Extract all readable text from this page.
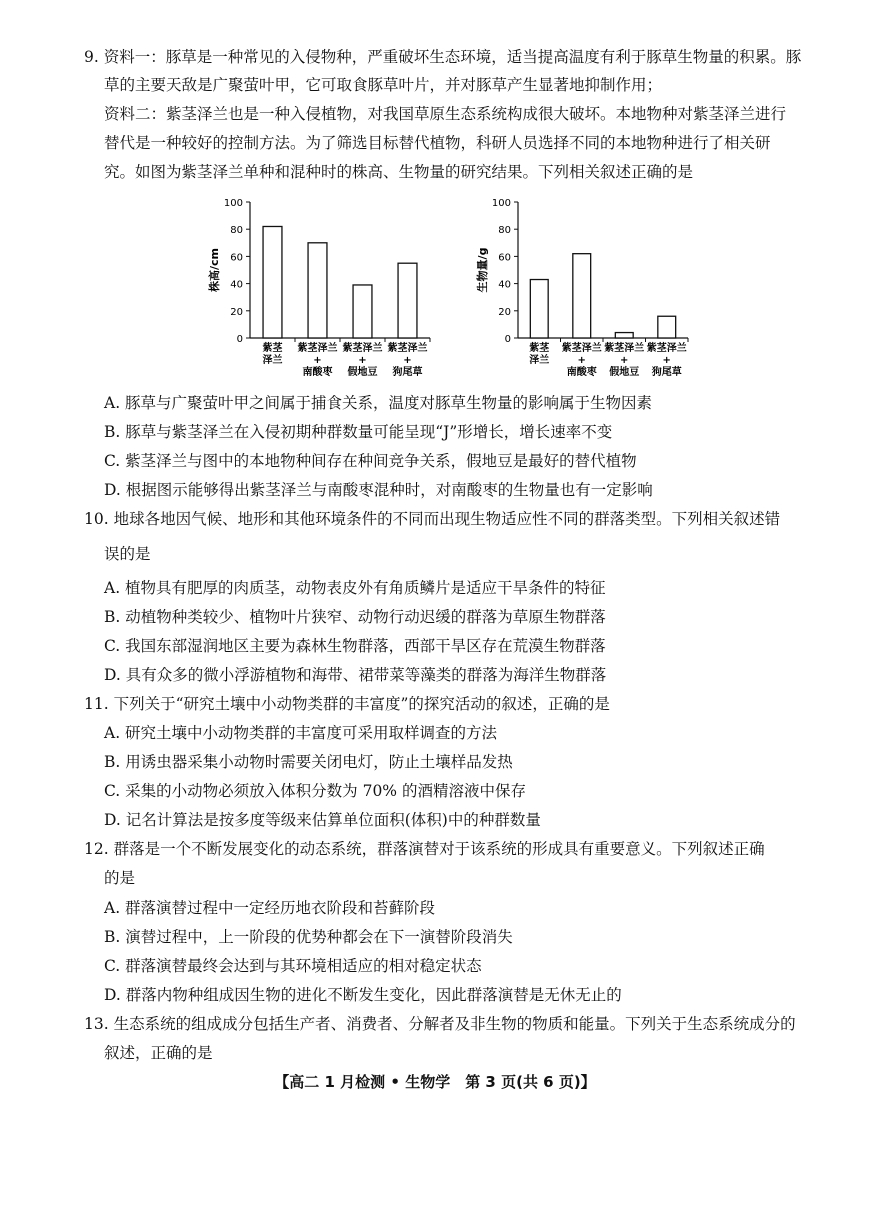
9. 资料一：豚草是一种常见的入侵物种，严重破坏生态环境，适当提高温度有利于豚草生物量的积累。豚
草的主要天敌是广聚萤叶甲，它可取食豚草叶片，并对豚草产生显著地抑制作用；
资料二：紫茎泽兰也是一种入侵植物，对我国草原生态系统构成很大破坏。本地物种对紫茎泽兰进行
替代是一种较好的控制方法。为了筛选目标替代植物，科研人员选择不同的本地物种进行了相关研
究。如图为紫茎泽兰单种和混种时的株高、生物量的研究结果。下列相关叙述正确的是
株高/cm
100
80
60
40
20
0
紫茎
泽兰
紫茎泽兰
+
南酸枣
紫茎泽兰
+
假地豆
紫茎泽兰
+
狗尾草
生物量/g
100
80
60
40
20
0
紫茎
泽兰
紫茎泽兰
+
南酸枣
紫茎泽兰
+
假地豆
紫茎泽兰
+
狗尾草
A. 豚草与广聚萤叶甲之间属于捕食关系，温度对豚草生物量的影响属于生物因素
B. 豚草与紫茎泽兰在入侵初期种群数量可能呈现“J”形增长，增长速率不变
C. 紫茎泽兰与图中的本地物种间存在种间竞争关系，假地豆是最好的替代植物
D. 根据图示能够得出紫茎泽兰与南酸枣混种时，对南酸枣的生物量也有一定影响
10. 地球各地因气候、地形和其他环境条件的不同而出现生物适应性不同的群落类型。下列相关叙述错
误的是
A. 植物具有肥厚的肉质茎，动物表皮外有角质鳞片是适应干旱条件的特征
B. 动植物种类较少、植物叶片狭窄、动物行动迟缓的群落为草原生物群落
C. 我国东部湿润地区主要为森林生物群落，西部干旱区存在荒漠生物群落
D. 具有众多的微小浮游植物和海带、裙带菜等藻类的群落为海洋生物群落
11. 下列关于“研究土壤中小动物类群的丰富度”的探究活动的叙述，正确的是
A. 研究土壤中小动物类群的丰富度可采用取样调查的方法
B. 用诱虫器采集小动物时需要关闭电灯，防止土壤样品发热
C. 采集的小动物必须放入体积分数为 70% 的酒精溶液中保存
D. 记名计算法是按多度等级来估算单位面积(体积)中的种群数量
12. 群落是一个不断发展变化的动态系统，群落演替对于该系统的形成具有重要意义。下列叙述正确
的是
A. 群落演替过程中一定经历地衣阶段和苔藓阶段
B. 演替过程中，上一阶段的优势种都会在下一演替阶段消失
C. 群落演替最终会达到与其环境相适应的相对稳定状态
D. 群落内物种组成因生物的进化不断发生变化，因此群落演替是无休无止的
13. 生态系统的组成成分包括生产者、消费者、分解者及非生物的物质和能量。下列关于生态系统成分的
叙述，正确的是
【高二 1 月检测 • 生物学　第 3 页(共 6 页)】
